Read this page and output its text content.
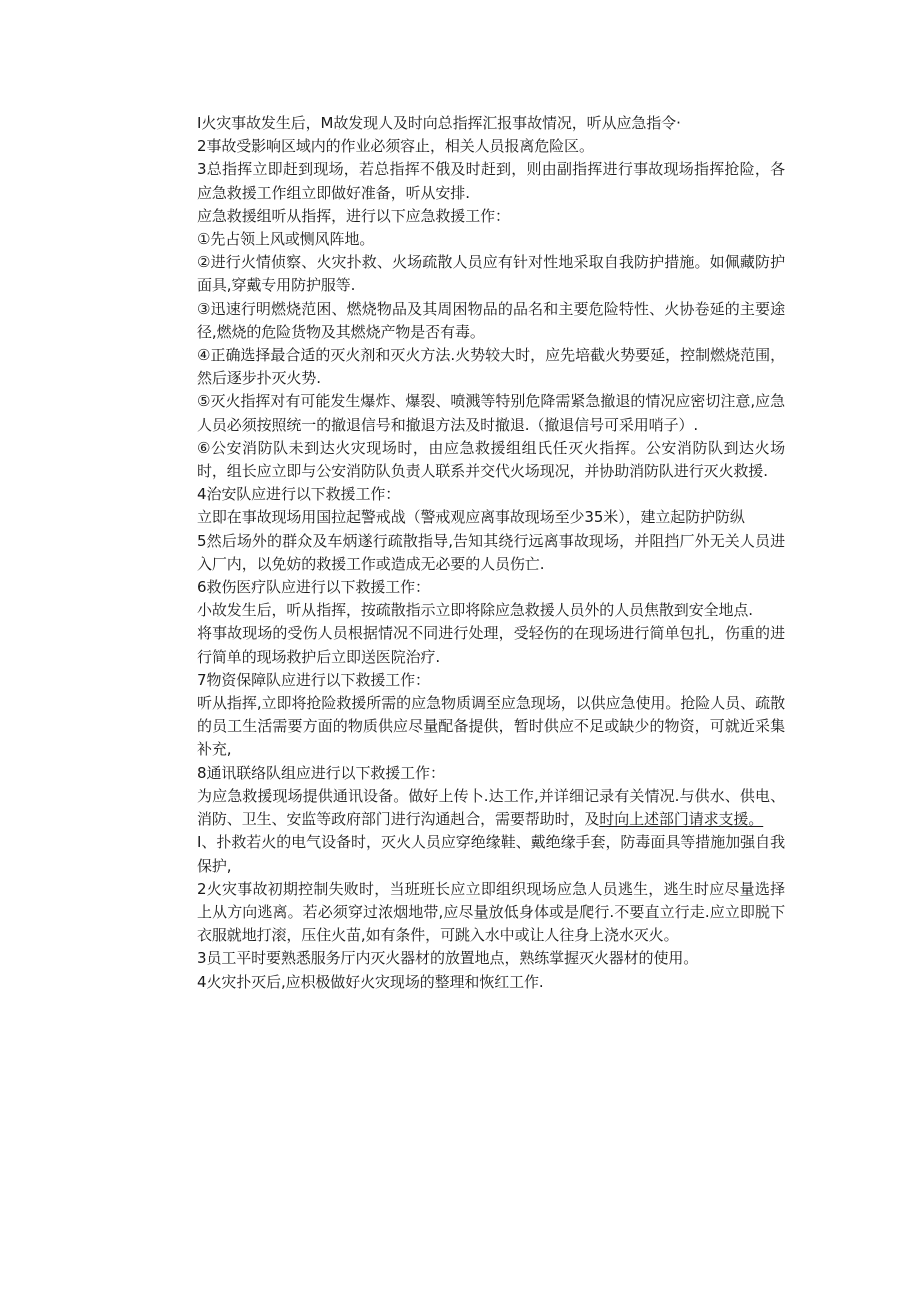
I火灾事故发生后，M故发现人及时向总指挥汇报事故情况，听从应急指令·

2事故受影响区域内的作业必须容止，相关人员报离危险区。

3总指挥立即赶到现场，若总指挥不俄及时赶到，则由副指挥进行事故现场指挥抢险，各应急救援工作组立即做好准备，听从安排.

应急救援组听从指挥，进行以下应急救援工作：

①先占领上风或恻风阵地。

②进行火情侦察、火灾扑救、火场疏散人员应有针对性地采取自我防护措施。如佩藏防护面具,穿戴专用防护服等.

③迅速行明燃烧范困、燃烧物品及其周困物品的品名和主要危险特性、火协卷延的主要途径,燃烧的危险货物及其燃烧产物是否有毒。

④正确选择最合适的灭火剂和灭火方法.火势较大时，应先培截火势要延，控制燃烧范围，然后逐步扑灭火势.

⑤灭火指挥对有可能发生爆炸、爆裂、喷溅等特别危降需紧急撤退的情况应密切注意,应急人员必须按照统一的撤退信号和撤退方法及时撤退.（撤退信号可采用哨子）.

⑥公安消防队未到达火灾现场时，由应急救援组组氏任灭火指挥。公安消防队到达火场时，组长应立即与公安消防队负责人联系并交代火场现况，并协助消防队进行灭火救援.

4治安队应进行以下救援工作：

立即在事故现场用国拉起警戒战（警戒观应离事故现场至少35米），建立起防护防纵

5然后场外的群众及车炳遂行疏散指导,告知其绕行远离事故现场，并阻挡厂外无关人员进入厂内，以免妨的救援工作或造成无必要的人员伤亡.

6救伤医疗队应进行以下救援工作：

小故发生后，听从指挥，按疏散指示立即将除应急救援人员外的人员焦散到安全地点.

将事故现场的受伤人员根据情况不同进行处理，受轻伤的在现场进行简单包扎，伤重的进行简单的现场救护后立即送医院治疗.

7物资保障队应进行以下救援工作：

听从指挥,立即将抢险救援所需的应急物质调至应急现场，以供应急使用。抢险人员、疏散的员工生活需要方面的物质供应尽量配备提供，暂时供应不足或缺少的物资，可就近采集补充,

8通讯联络队组应进行以下救援工作：

为应急救援现场提供通讯设备。做好上传卜.达工作,并详细记录有关情况.与供水、供电、消防、卫生、安监等政府部门进行沟通赳合，需要帮助时，及时向上述部门请求支援。

I、扑救若火的电气设备时，灭火人员应穿绝缘鞋、戴绝缘手套，防毒面具等措施加强自我保护,

2火灾事故初期控制失败时，当班班长应立即组织现场应急人员逃生，逃生时应尽量选择上从方向逃离。若必须穿过浓烟地带,应尽量放低身体或是爬行.不要直立行走.应立即脱下衣服就地打滚，压住火苗,如有条件，可跳入水中或让人往身上浇水灭火。

3员工平时要熟悉服务厅内灭火器材的放置地点，熟练掌握灭火器材的使用。

4火灾扑灭后,应枳极做好火灾现场的整理和恢红工作.
